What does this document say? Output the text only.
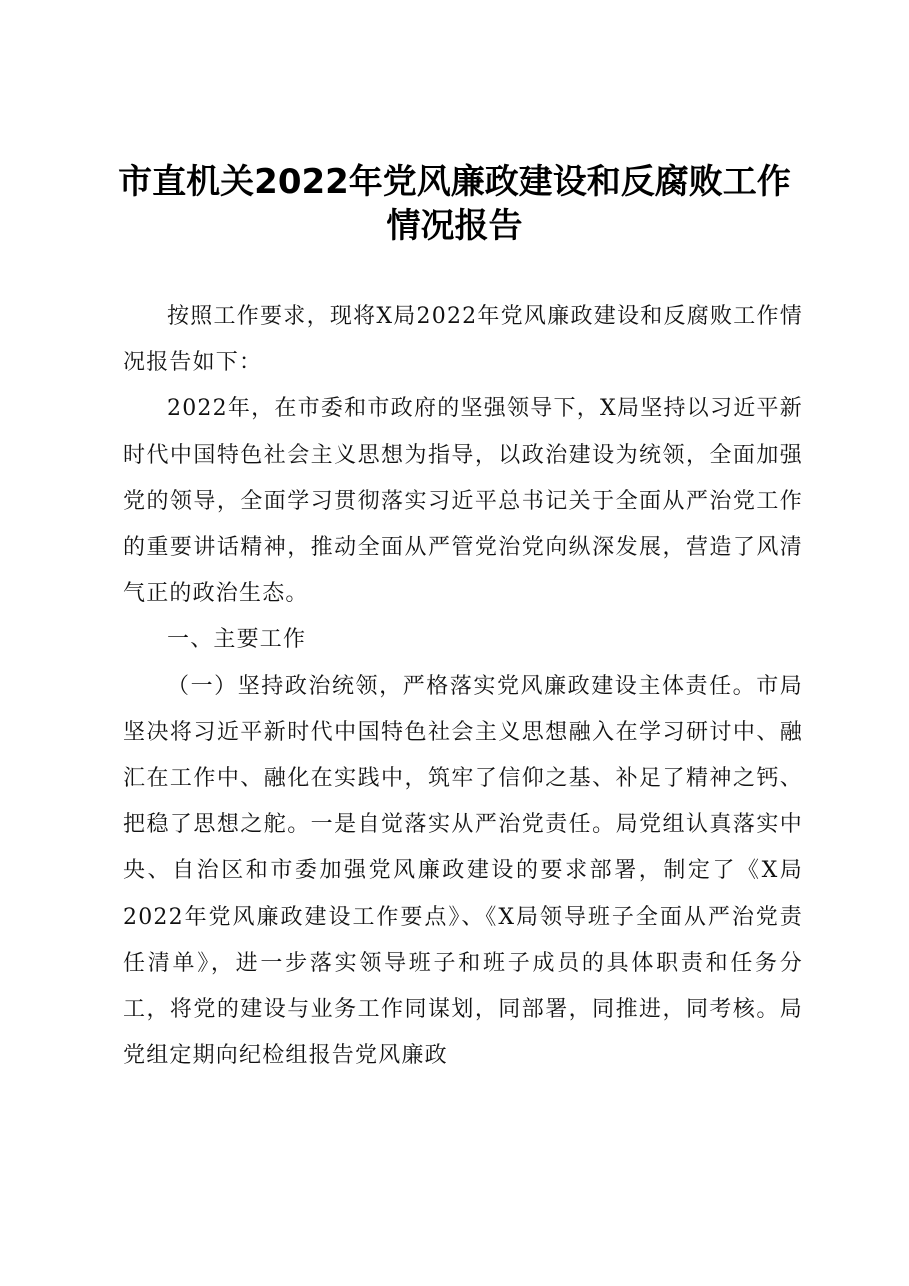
市直机关2022年党风廉政建设和反腐败工作
情况报告

按照工作要求，现将X局2022年党风廉政建设和反腐败工作情况报告如下：

2022年，在市委和市政府的坚强领导下，X局坚持以习近平新时代中国特色社会主义思想为指导，以政治建设为统领，全面加强党的领导，全面学习贯彻落实习近平总书记关于全面从严治党工作的重要讲话精神，推动全面从严管党治党向纵深发展，营造了风清气正的政治生态。

一、主要工作

（一）坚持政治统领，严格落实党风廉政建设主体责任。市局坚决将习近平新时代中国特色社会主义思想融入在学习研讨中、融汇在工作中、融化在实践中，筑牢了信仰之基、补足了精神之钙、把稳了思想之舵。一是自觉落实从严治党责任。局党组认真落实中央、自治区和市委加强党风廉政建设的要求部署，制定了《X局2022年党风廉政建设工作要点》、《X局领导班子全面从严治党责任清单》，进一步落实领导班子和班子成员的具体职责和任务分工，将党的建设与业务工作同谋划，同部署，同推进，同考核。局党组定期向纪检组报告党风廉政
